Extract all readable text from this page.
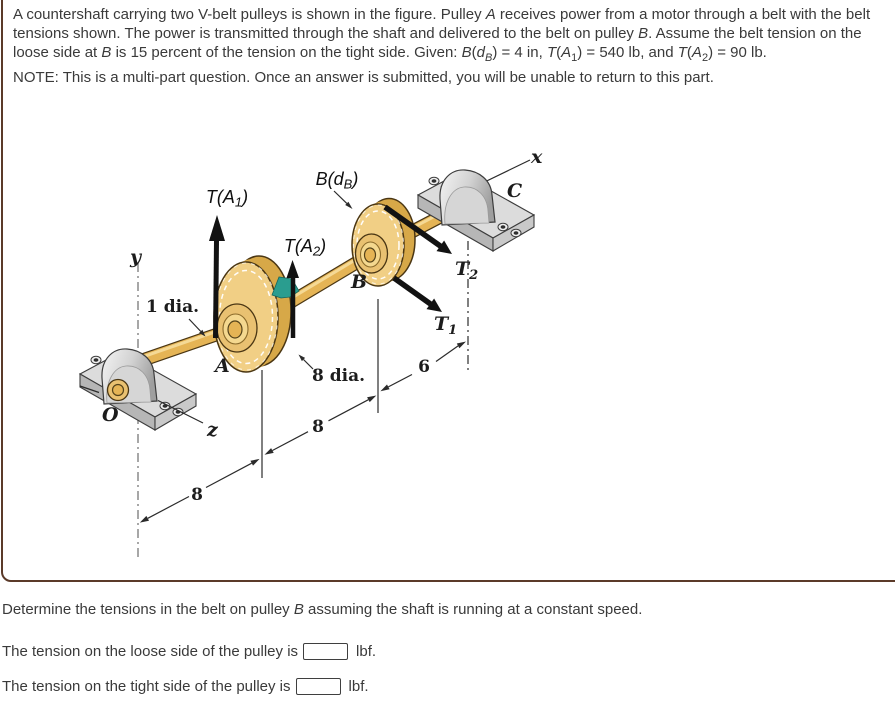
A countershaft carrying two V-belt pulleys is shown in the figure. Pulley A receives power from a motor through a belt with the belt tensions shown. The power is transmitted through the shaft and delivered to the belt on pulley B. Assume the belt tension on the loose side at B is 15 percent of the tension on the tight side. Given: $B(d_B) = 4$ in, $T(A_1) = 540$ lb, and $T(A_2) = 90$ lb.
NOTE: This is a multi-part question. Once an answer is submitted, you will be unable to return to this part.
8
8
6
y
z
x
O
A
B
C
$T_2$
$T_1$
1 dia.
8 dia.
T(A1)
T(A2)
B(dB)
Determine the tensions in the belt on pulley B assuming the shaft is running at a constant speed.
The tension on the loose side of the pulley is	lbf.
The tension on the tight side of the pulley is	lbf.
